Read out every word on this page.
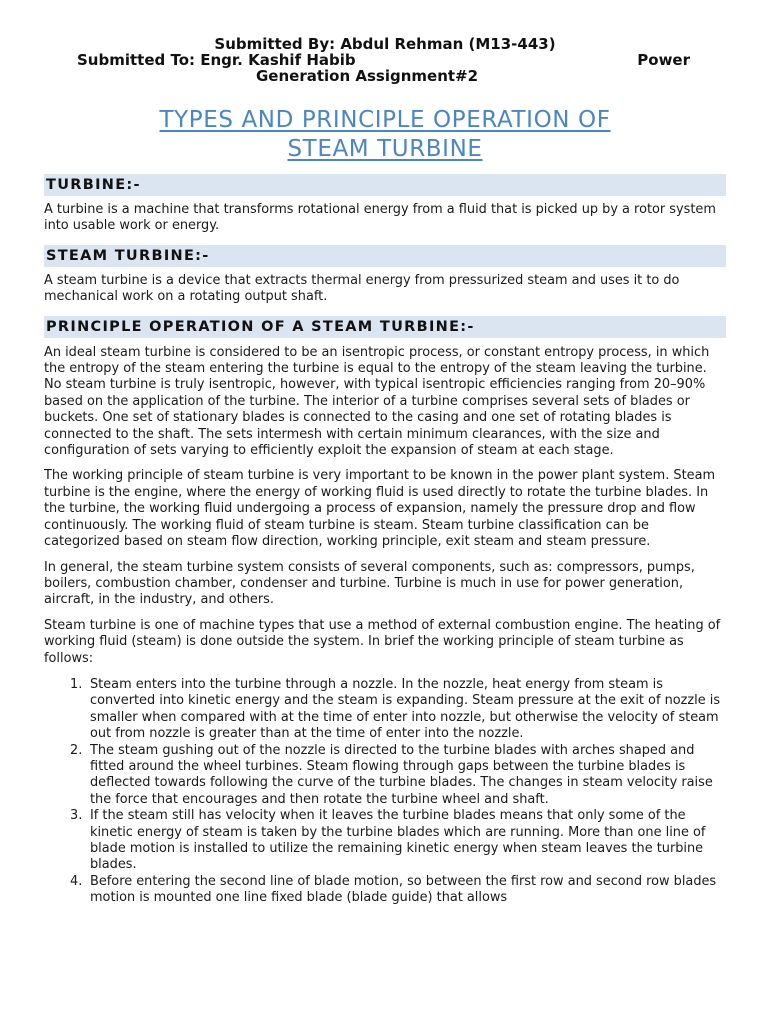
Submitted By: Abdul Rehman (M13-443)
Submitted To: Engr. Kashif Habib	Power
Generation Assignment#2
TYPES AND PRINCIPLE OPERATION OF
STEAM TURBINE
TURBINE:-

A turbine is a machine that transforms rotational energy from a fluid that is picked up by a rotor system into usable work or energy.

STEAM TURBINE:-

A steam turbine is a device that extracts thermal energy from pressurized steam and uses it to do mechanical work on a rotating output shaft.

PRINCIPLE OPERATION OF A STEAM TURBINE:-

An ideal steam turbine is considered to be an isentropic process, or constant entropy process, in which the entropy of the steam entering the turbine is equal to the entropy of the steam leaving the turbine. No steam turbine is truly isentropic, however, with typical isentropic efficiencies ranging from 20–90% based on the application of the turbine. The interior of a turbine comprises several sets of blades or buckets. One set of stationary blades is connected to the casing and one set of rotating blades is connected to the shaft. The sets intermesh with certain minimum clearances, with the size and configuration of sets varying to efficiently exploit the expansion of steam at each stage.

The working principle of steam turbine is very important to be known in the power plant system. Steam turbine is the engine, where the energy of working fluid is used directly to rotate the turbine blades. In the turbine, the working fluid undergoing a process of expansion, namely the pressure drop and flow continuously. The working fluid of steam turbine is steam. Steam turbine classification can be categorized based on steam flow direction, working principle, exit steam and steam pressure.

In general, the steam turbine system consists of several components, such as: compressors, pumps, boilers, combustion chamber, condenser and turbine. Turbine is much in use for power generation, aircraft, in the industry, and others.

Steam turbine is one of machine types that use a method of external combustion engine. The heating of working fluid (steam) is done outside the system. In brief the working principle of steam turbine as follows:

1. Steam enters into the turbine through a nozzle. In the nozzle, heat energy from steam is converted into kinetic energy and the steam is expanding. Steam pressure at the exit of nozzle is smaller when compared with at the time of enter into nozzle, but otherwise the velocity of steam out from nozzle is greater than at the time of enter into the nozzle.
2. The steam gushing out of the nozzle is directed to the turbine blades with arches shaped and fitted around the wheel turbines. Steam flowing through gaps between the turbine blades is deflected towards following the curve of the turbine blades. The changes in steam velocity raise the force that encourages and then rotate the turbine wheel and shaft.
3. If the steam still has velocity when it leaves the turbine blades means that only some of the kinetic energy of steam is taken by the turbine blades which are running. More than one line of blade motion is installed to utilize the remaining kinetic energy when steam leaves the turbine blades.
4. Before entering the second line of blade motion, so between the first row and second row blades motion is mounted one line fixed blade (blade guide) that allows
